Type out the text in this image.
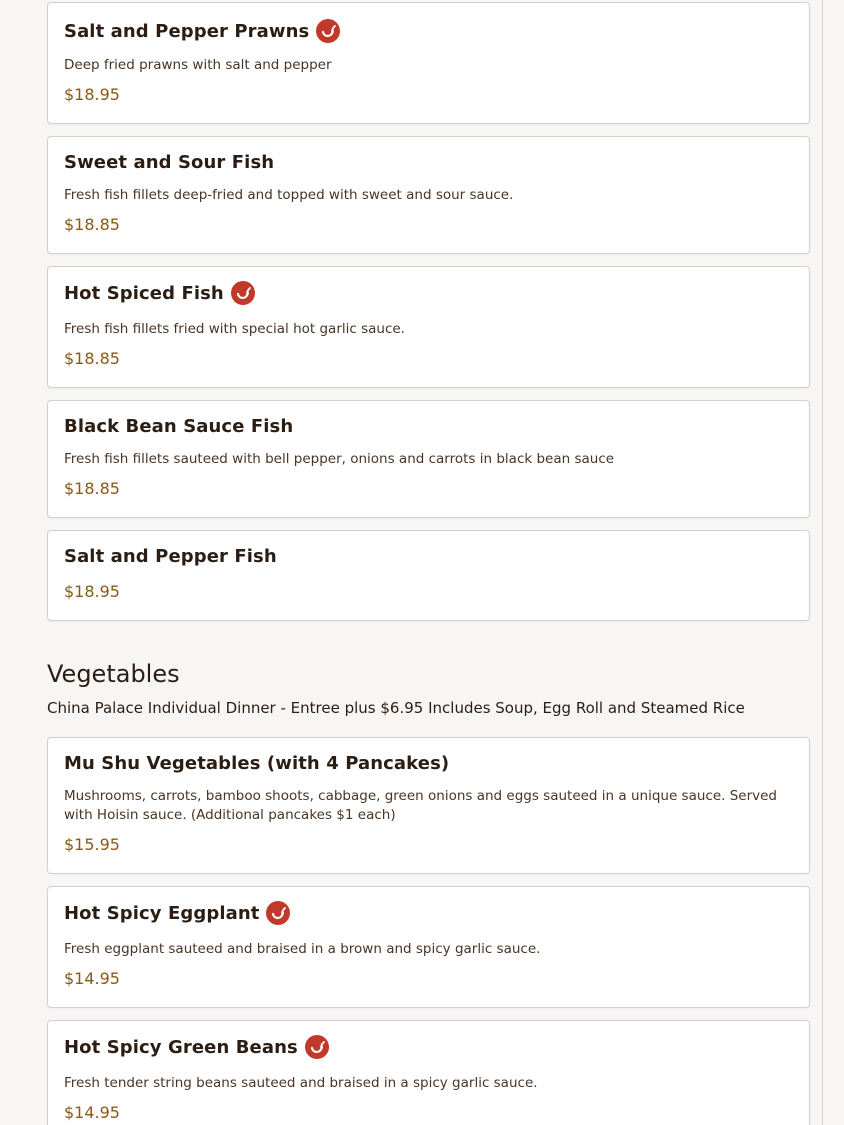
Salt and Pepper Prawns
Deep fried prawns with salt and pepper
$18.95
Sweet and Sour Fish
Fresh fish fillets deep-fried and topped with sweet and sour sauce.
$18.85
Hot Spiced Fish
Fresh fish fillets fried with special hot garlic sauce.
$18.85
Black Bean Sauce Fish
Fresh fish fillets sauteed with bell pepper, onions and carrots in black bean sauce
$18.85
Salt and Pepper Fish
$18.95
Vegetables
China Palace Individual Dinner - Entree plus $6.95 Includes Soup, Egg Roll and Steamed Rice
Mu Shu Vegetables (with 4 Pancakes)
Mushrooms, carrots, bamboo shoots, cabbage, green onions and eggs sauteed in a unique sauce. Served with Hoisin sauce. (Additional pancakes $1 each)
$15.95
Hot Spicy Eggplant
Fresh eggplant sauteed and braised in a brown and spicy garlic sauce.
$14.95
Hot Spicy Green Beans
Fresh tender string beans sauteed and braised in a spicy garlic sauce.
$14.95
